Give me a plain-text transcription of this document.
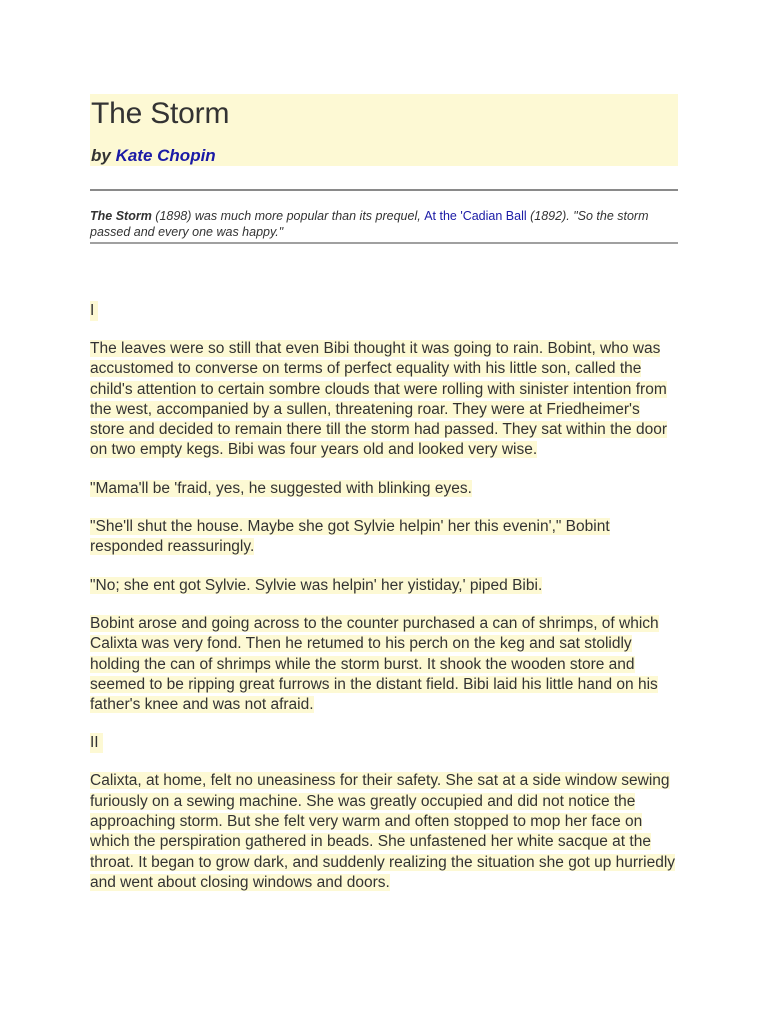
The Storm
by Kate Chopin

The Storm (1898) was much more popular than its prequel, At the 'Cadian Ball (1892). "So the storm passed and every one was happy."

I

The leaves were so still that even Bibi thought it was going to rain. Bobint, who was accustomed to converse on terms of perfect equality with his little son, called the child's attention to certain sombre clouds that were rolling with sinister intention from the west, accompanied by a sullen, threatening roar. They were at Friedheimer's store and decided to remain there till the storm had passed. They sat within the door on two empty kegs. Bibi was four years old and looked very wise.

"Mama'll be 'fraid, yes, he suggested with blinking eyes.

"She'll shut the house. Maybe she got Sylvie helpin' her this evenin'," Bobint responded reassuringly.

"No; she ent got Sylvie. Sylvie was helpin' her yistiday,' piped Bibi.

Bobint arose and going across to the counter purchased a can of shrimps, of which Calixta was very fond. Then he retumed to his perch on the keg and sat stolidly holding the can of shrimps while the storm burst. It shook the wooden store and seemed to be ripping great furrows in the distant field. Bibi laid his little hand on his father's knee and was not afraid.

II

Calixta, at home, felt no uneasiness for their safety. She sat at a side window sewing furiously on a sewing machine. She was greatly occupied and did not notice the approaching storm. But she felt very warm and often stopped to mop her face on which the perspiration gathered in beads. She unfastened her white sacque at the throat. It began to grow dark, and suddenly realizing the situation she got up hurriedly and went about closing windows and doors.
